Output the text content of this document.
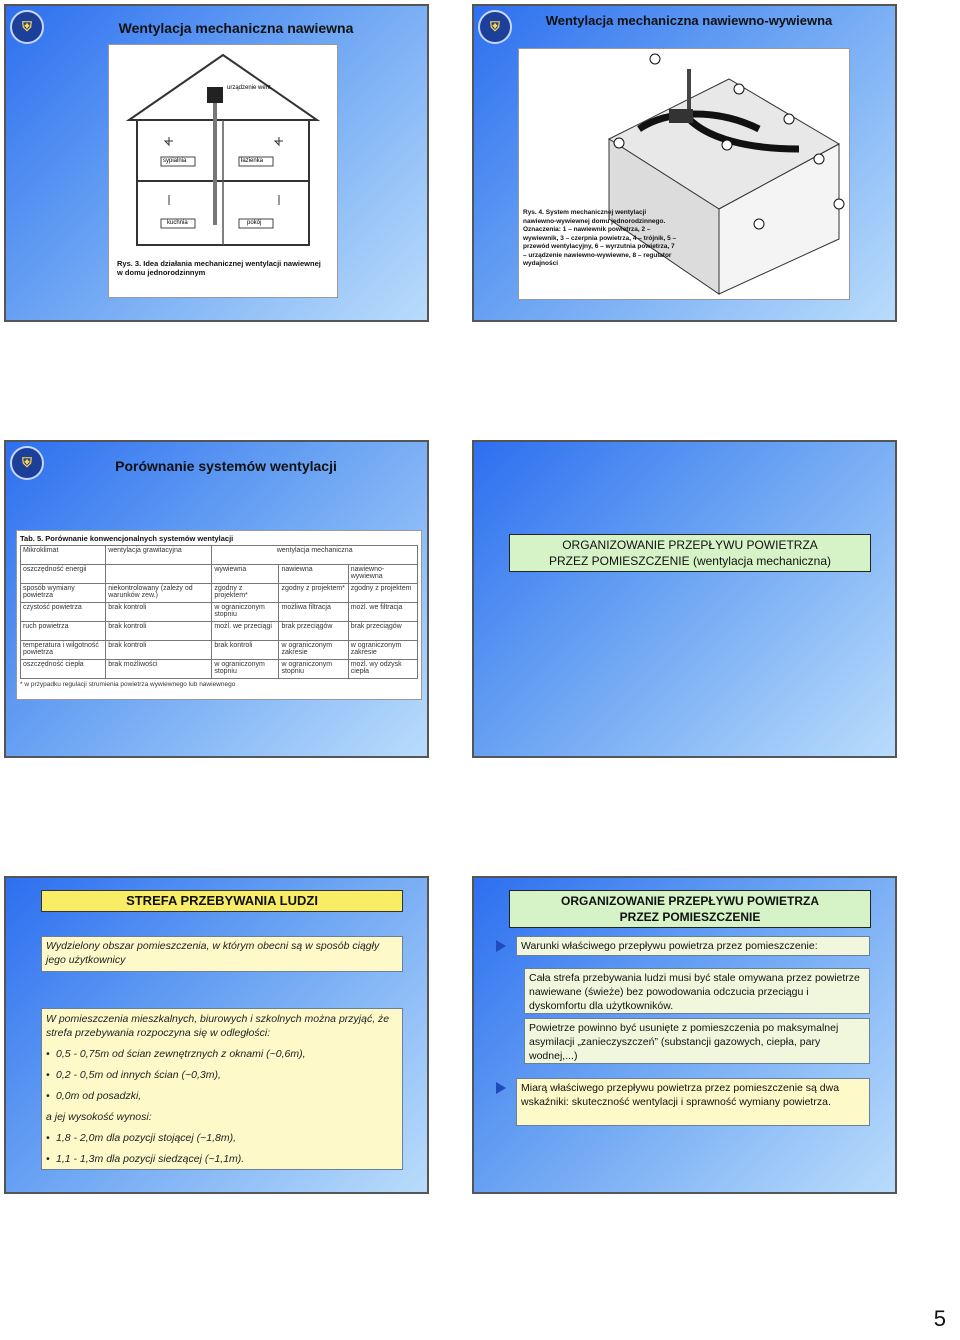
⛨	Wentylacja mechaniczna nawiewna
urządzenie went.
sypialnia	łazienka
kuchnia	pokój
Rys. 3. Idea działania mechanicznej wentylacji nawiewnej w domu jednorodzinnym
⛨	Wentylacja mechaniczna nawiewno-wywiewna
Rys. 4. System mechanicznej wentylacji nawiewno-wywiewnej domu jednorodzinnego. Oznaczenia: 1 – nawiewnik powietrza, 2 – wywiewnik, 3 – czerpnia powietrza, 4 – trójnik, 5 – przewód wentylacyjny, 6 – wyrzutnia powietrza, 7 – urządzenie nawiewno-wywiewne, 8 – regulator wydajności
⛨	Porównanie systemów wentylacji
Tab. 5. Porównanie konwencjonalnych systemów wentylacji
Mikroklimat	wentylacja grawitacyjna	wentylacja mechaniczna		
oszczędność energii		wywiewna	nawiewna	nawiewno-wywiewna
sposób wymiany powietrza	niekontrolowany (zależy od warunków zew.)	zgodny z projektem*	zgodny z projektem*	zgodny z projektem
czystość powietrza	brak kontroli	w ograniczonym stopniu	możliwa filtracja	możl. we filtracja
ruch powietrza	brak kontroli	możl. we przeciągi	brak przeciągów	brak przeciągów
temperatura i wilgotność powietrza	brak kontroli	brak kontroli	w ograniczonym zakresie	w ograniczonym zakresie
oszczędność ciepła	brak możliwości	w ograniczonym stopniu	w ograniczonym stopniu	możl. wy odzysk ciepła
* w przypadku regulacji strumienia powietrza wywiewnego lub nawiewnego
ORGANIZOWANIE PRZEPŁYWU POWIETRZA
PRZEZ POMIESZCZENIE (wentylacja mechaniczna)
STREFA PRZEBYWANIA LUDZI
Wydzielony obszar pomieszczenia, w którym obecni są w sposób ciągły jego użytkownicy
W pomieszczenia mieszkalnych, biurowych i szkolnych można przyjąć, że strefa przebywania rozpoczyna się w odległości:
• 0,5 - 0,75m od ścian zewnętrznych z oknami (~0,6m),
• 0,2 - 0,5m od innych ścian (~0,3m),
• 0,0m od posadzki,
a jej wysokość wynosi:
• 1,8 - 2,0m dla pozycji stojącej (~1,8m),
• 1,1 - 1,3m dla pozycji siedzącej (~1,1m).
ORGANIZOWANIE PRZEPŁYWU POWIETRZA
PRZEZ POMIESZCZENIE
Warunki właściwego przepływu powietrza przez pomieszczenie:
Cała strefa przebywania ludzi musi być stale omywana przez powietrze nawiewane (świeże) bez powodowania odczucia przeciągu i dyskomfortu dla użytkowników.
Powietrze powinno być usunięte z pomieszczenia po maksymalnej asymilacji „zanieczyszczeń” (substancji gazowych, ciepła, pary wodnej,...)
Miarą właściwego przepływu powietrza przez pomieszczenie są dwa wskaźniki: skuteczność wentylacji i sprawność wymiany powietrza.
5
